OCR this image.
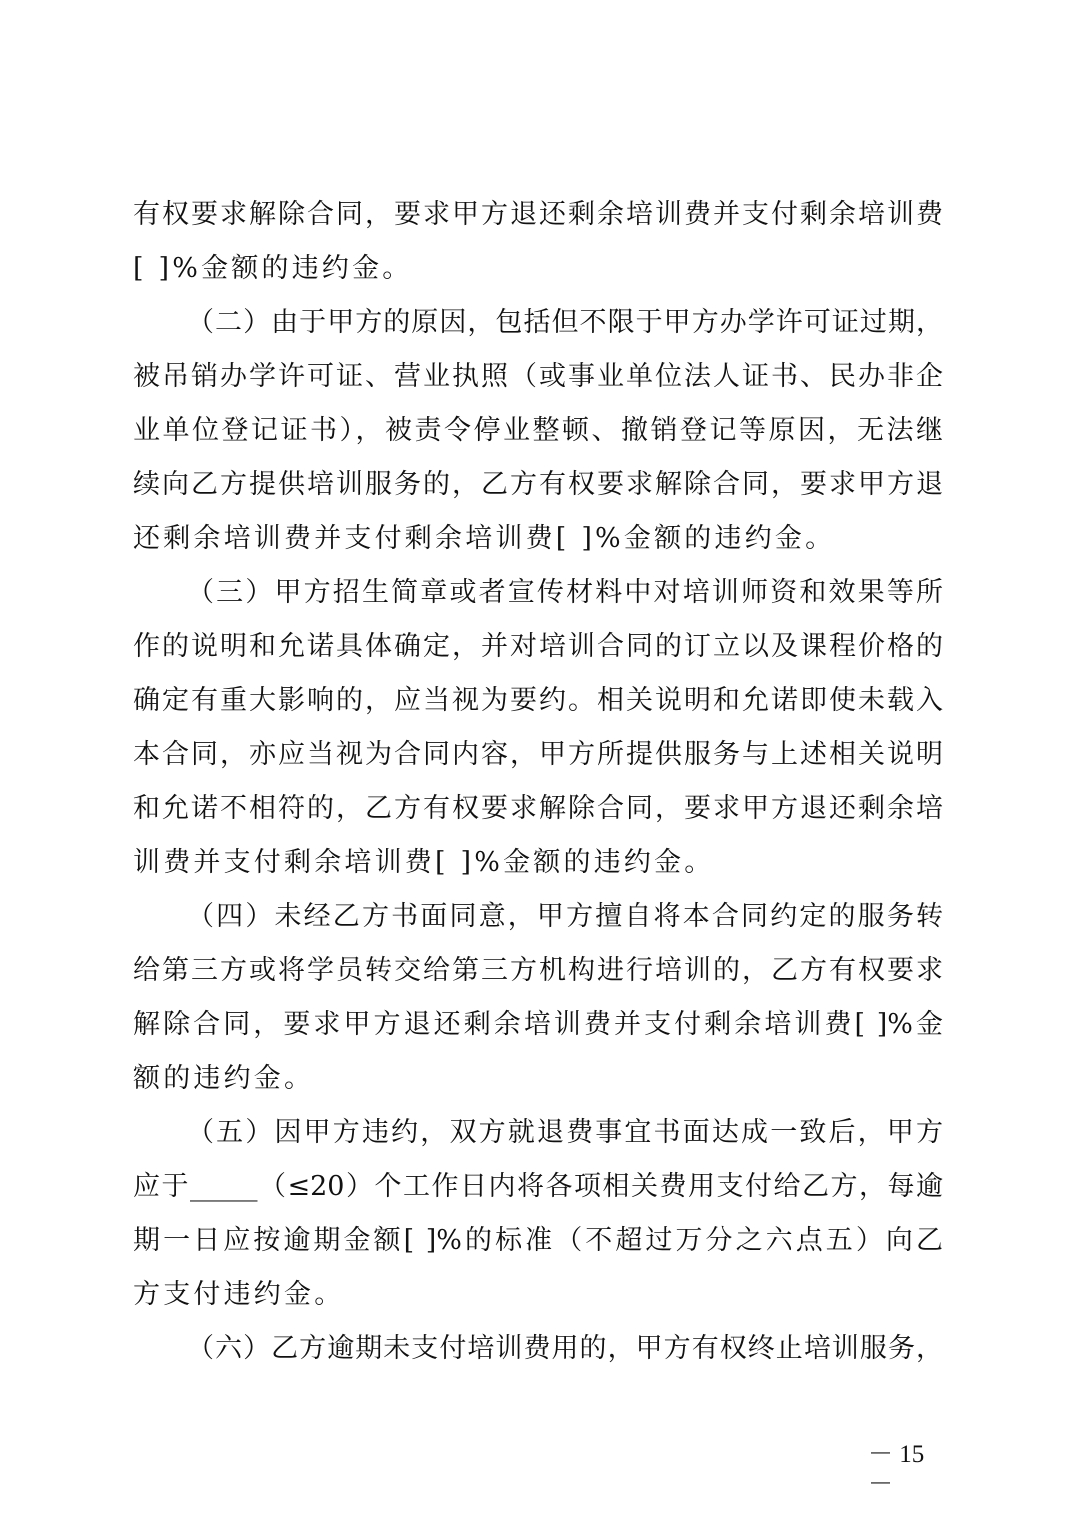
有权要求解除合同，要求甲方退还剩余培训费并支付剩余培训费
[ ]%金额的违约金。
（二）由于甲方的原因，包括但不限于甲方办学许可证过期，
被吊销办学许可证、营业执照（或事业单位法人证书、民办非企
业单位登记证书），被责令停业整顿、撤销登记等原因，无法继
续向乙方提供培训服务的，乙方有权要求解除合同，要求甲方退
还剩余培训费并支付剩余培训费[ ]%金额的违约金。
（三）甲方招生简章或者宣传材料中对培训师资和效果等所
作的说明和允诺具体确定，并对培训合同的订立以及课程价格的
确定有重大影响的，应当视为要约。相关说明和允诺即使未载入
本合同，亦应当视为合同内容，甲方所提供服务与上述相关说明
和允诺不相符的，乙方有权要求解除合同，要求甲方退还剩余培
训费并支付剩余培训费[ ]%金额的违约金。
（四）未经乙方书面同意，甲方擅自将本合同约定的服务转
给第三方或将学员转交给第三方机构进行培训的，乙方有权要求
解除合同，要求甲方退还剩余培训费并支付剩余培训费[ ]%金
额的违约金。
（五）因甲方违约，双方就退费事宜书面达成一致后，甲方
应于_____（≤20）个工作日内将各项相关费用支付给乙方，每逾
期一日应按逾期金额[ ]%的标准（不超过万分之六点五）向乙
方支付违约金。
（六）乙方逾期未支付培训费用的，甲方有权终止培训服务，
－ 15 －
